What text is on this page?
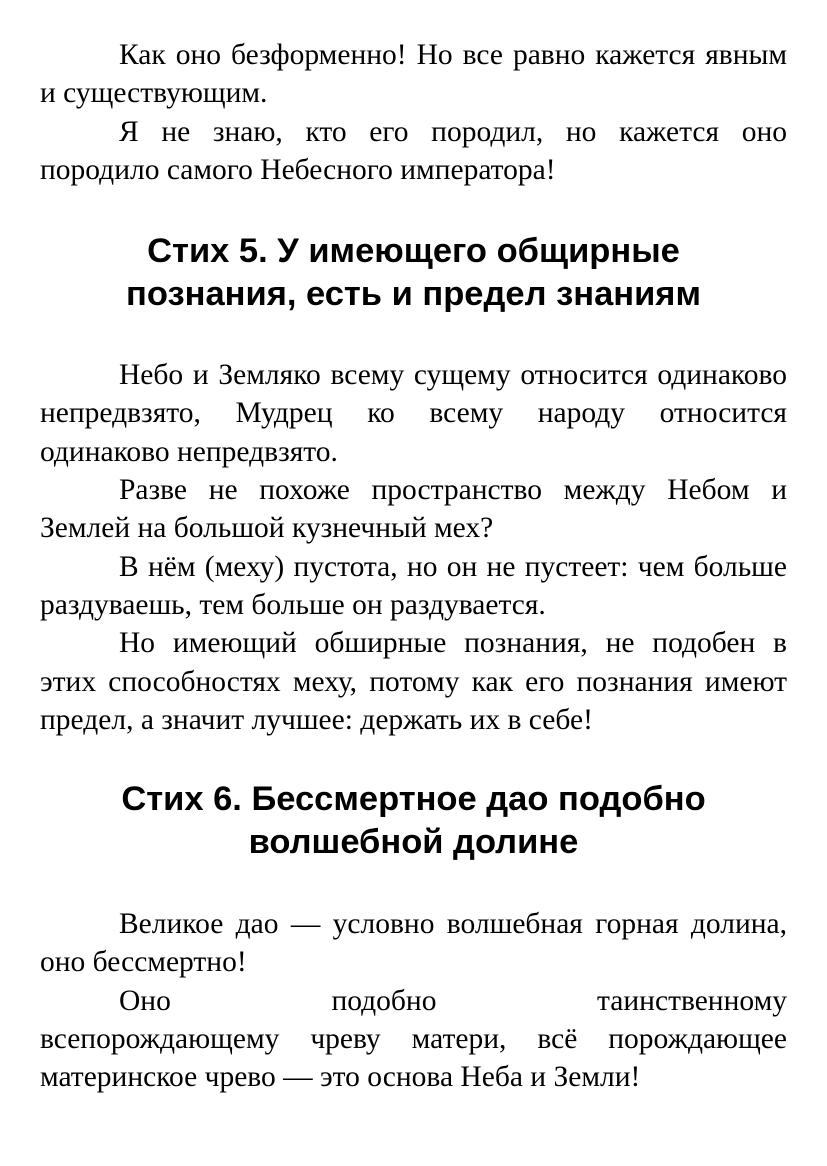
Как оно безформенно! Но все равно кажется явным и существующим.

Я не знаю, кто его породил, но кажется оно породило самого Небесного императора!

Стих 5. У имеющего общирные
познания, есть и предел знаниям

Небо и Земляко всему сущему относится одинаково непредвзято, Мудрец ко всему народу относится одинаково непредвзято.

Разве не похоже пространство между Небом и Землей на большой кузнечный мех?

В нём (меху) пустота, но он не пустеет: чем больше раздуваешь, тем больше он раздувается.

Но имеющий обширные познания, не подобен в этих способностях меху, потому как его познания имеют предел, а значит лучшее: держать их в себе!

Стих 6. Бессмертное дао подобно
волшебной долине

Великое дао — условно волшебная горная долина, оно бессмертно!

Оно подобно таинственному

всепорождающему чреву матери, всё порождающее материнское чрево — это основа Неба и Земли!
